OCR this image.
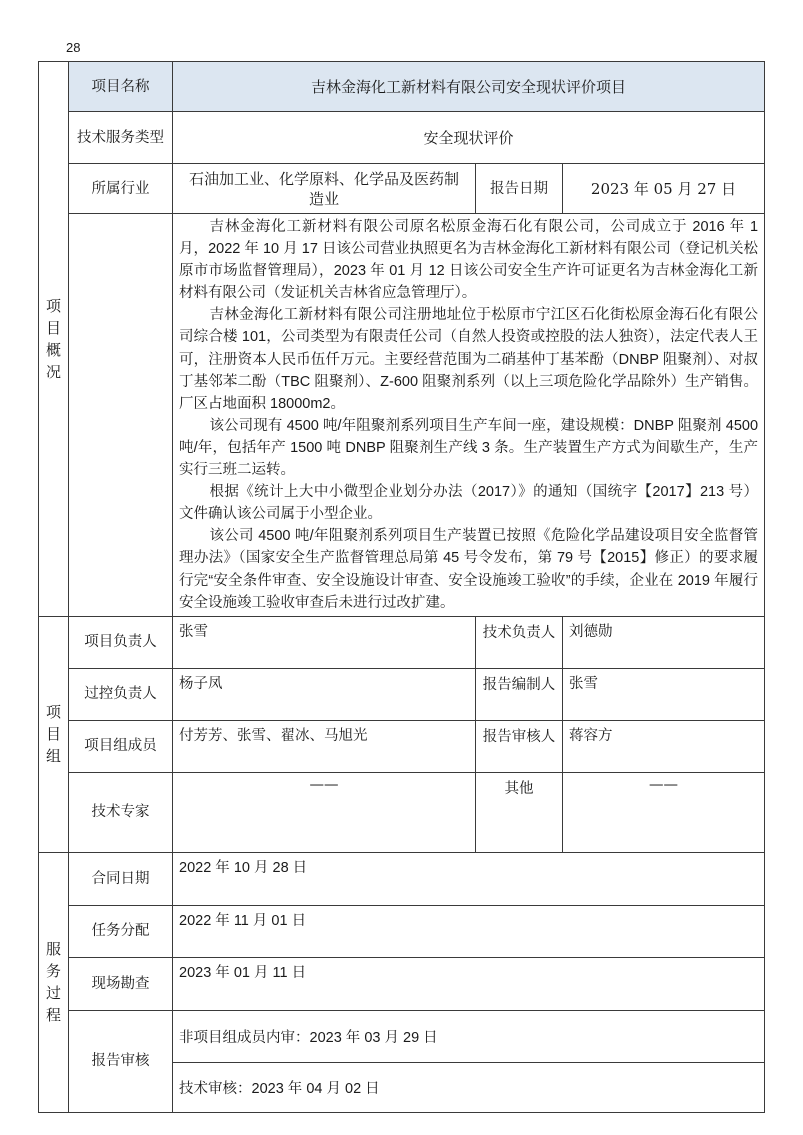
28
项目概况	项目名称	吉林金海化工新材料有限公司安全现状评价项目		
	技术服务类型	安全现状评价		
	所属行业	石油加工业、化学原料、化学品及医药制造业	报告日期	2023 年 05 月 27 日

		吉林金海化工新材料有限公司原名松原金海石化有限公司，公司成立于 2016 年 1 月，2022 年 10 月 17 日该公司营业执照更名为吉林金海化工新材料有限公司（登记机关松原市市场监督管理局），2023 年 01 月 12 日该公司安全生产许可证更名为吉林金海化工新材料有限公司（发证机关吉林省应急管理厅）。

吉林金海化工新材料有限公司注册地址位于松原市宁江区石化街松原金海石化有限公司综合楼 101，公司类型为有限责任公司（自然人投资或控股的法人独资），法定代表人王可，注册资本人民币伍仟万元。主要经营范围为二硝基仲丁基苯酚（DNBP 阻聚剂）、对叔丁基邻苯二酚（TBC 阻聚剂）、Z-600 阻聚剂系列（以上三项危险化学品除外）生产销售。厂区占地面积 18000m2。

该公司现有 4500 吨/年阻聚剂系列项目生产车间一座，建设规模：DNBP 阻聚剂 4500 吨/年，包括年产 1500 吨 DNBP 阻聚剂生产线 3 条。生产装置生产方式为间歇生产，生产实行三班二运转。

根据《统计上大中小微型企业划分办法（2017）》的通知（国统字【2017】213 号）文件确认该公司属于小型企业。

该公司 4500 吨/年阻聚剂系列项目生产装置已按照《危险化学品建设项目安全监督管理办法》（国家安全生产监督管理总局第 45 号令发布，第 79 号【2015】修正）的要求履行完“安全条件审查、安全设施设计审查、安全设施竣工验收”的手续，企业在 2019 年履行安全设施竣工验收审查后未进行过改扩建。		

项目组	项目负责人	张雪	技术负责人	刘德勋
	过控负责人	杨子凤	报告编制人	张雪
	项目组成员	付芳芳、张雪、翟冰、马旭光	报告审核人	蒋容方
	技术专家	——	其他	——

服务过程	合同日期	2022 年 10 月 28 日		
	任务分配	2022 年 11 月 01 日		
	现场勘查	2023 年 01 月 11 日		
	报告审核	非项目组成员内审：2023 年 03 月 29 日		
		技术审核：2023 年 04 月 02 日		
